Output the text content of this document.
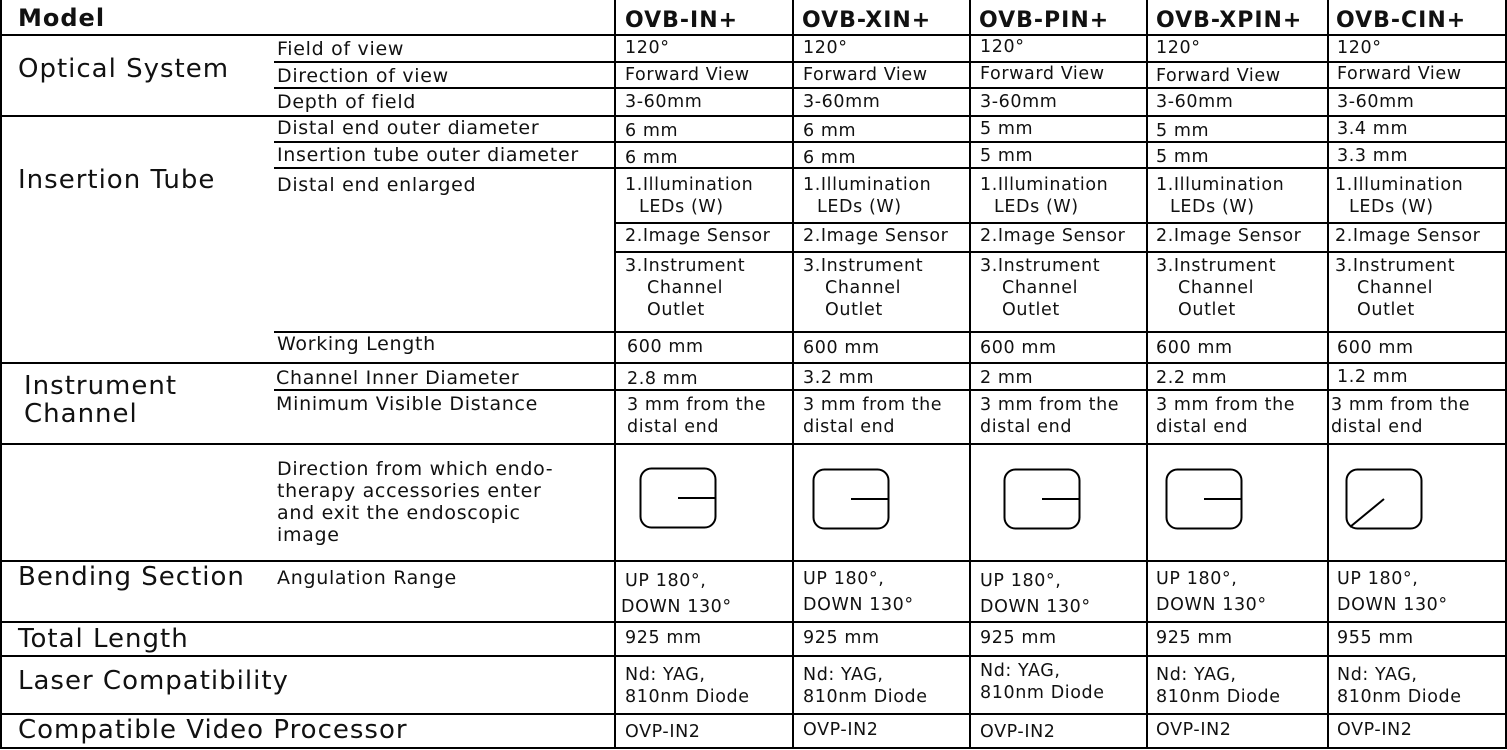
Model	OVB-IN+	OVB-XIN+ OVB-PIN+ OVB-XPIN+ OVB-CIN+
Optical System
Insertion Tube
Instrument
Channel
Bending Section
Total Length
Laser Compatibility
Compatible Video Processor
Field of view
Direction of view
Depth of field
Distal end outer diameter
Insertion tube outer diameter
Distal end enlarged
Working Length
Channel Inner Diameter
Minimum Visible Distance
Direction from which endo-
therapy accessories enter
and exit the endoscopic
image
Angulation Range
120°
Forward View
3-60mm
6 mm
6 mm
1.Illumination
LEDs (W)
2.Image Sensor
3.Instrument
Channel
Outlet
600 mm
2.8 mm
3 mm from the
distal end
UP 180°,
DOWN 130°
925 mm
Nd: YAG,
810nm Diode
OVP-IN2
120°
Forward View
3-60mm
6 mm
6 mm
1.Illumination
LEDs (W)
2.Image Sensor
3.Instrument
Channel
Outlet
600 mm
3.2 mm
3 mm from the
distal end
UP 180°,
DOWN 130°
925 mm
Nd: YAG,
810nm Diode
OVP-IN2
120°
Forward View
3-60mm
5 mm
5 mm
1.Illumination
LEDs (W)
2.Image Sensor
3.Instrument
Channel
Outlet
600 mm
2 mm
3 mm from the
distal end
UP 180°,
DOWN 130°
925 mm
Nd: YAG,
810nm Diode
OVP-IN2
120°
Forward View
3-60mm
5 mm
5 mm
1.Illumination
LEDs (W)
2.Image Sensor
3.Instrument
Channel
Outlet
600 mm
2.2 mm
3 mm from the
distal end
UP 180°,
DOWN 130°
925 mm
Nd: YAG,
810nm Diode
OVP-IN2
120°
Forward View
3-60mm
3.4 mm
3.3 mm
1.Illumination
LEDs (W)
2.Image Sensor
3.Instrument
Channel
Outlet
600 mm
1.2 mm
3 mm from the
distal end
UP 180°,
DOWN 130°
955 mm
Nd: YAG,
810nm Diode
OVP-IN2
